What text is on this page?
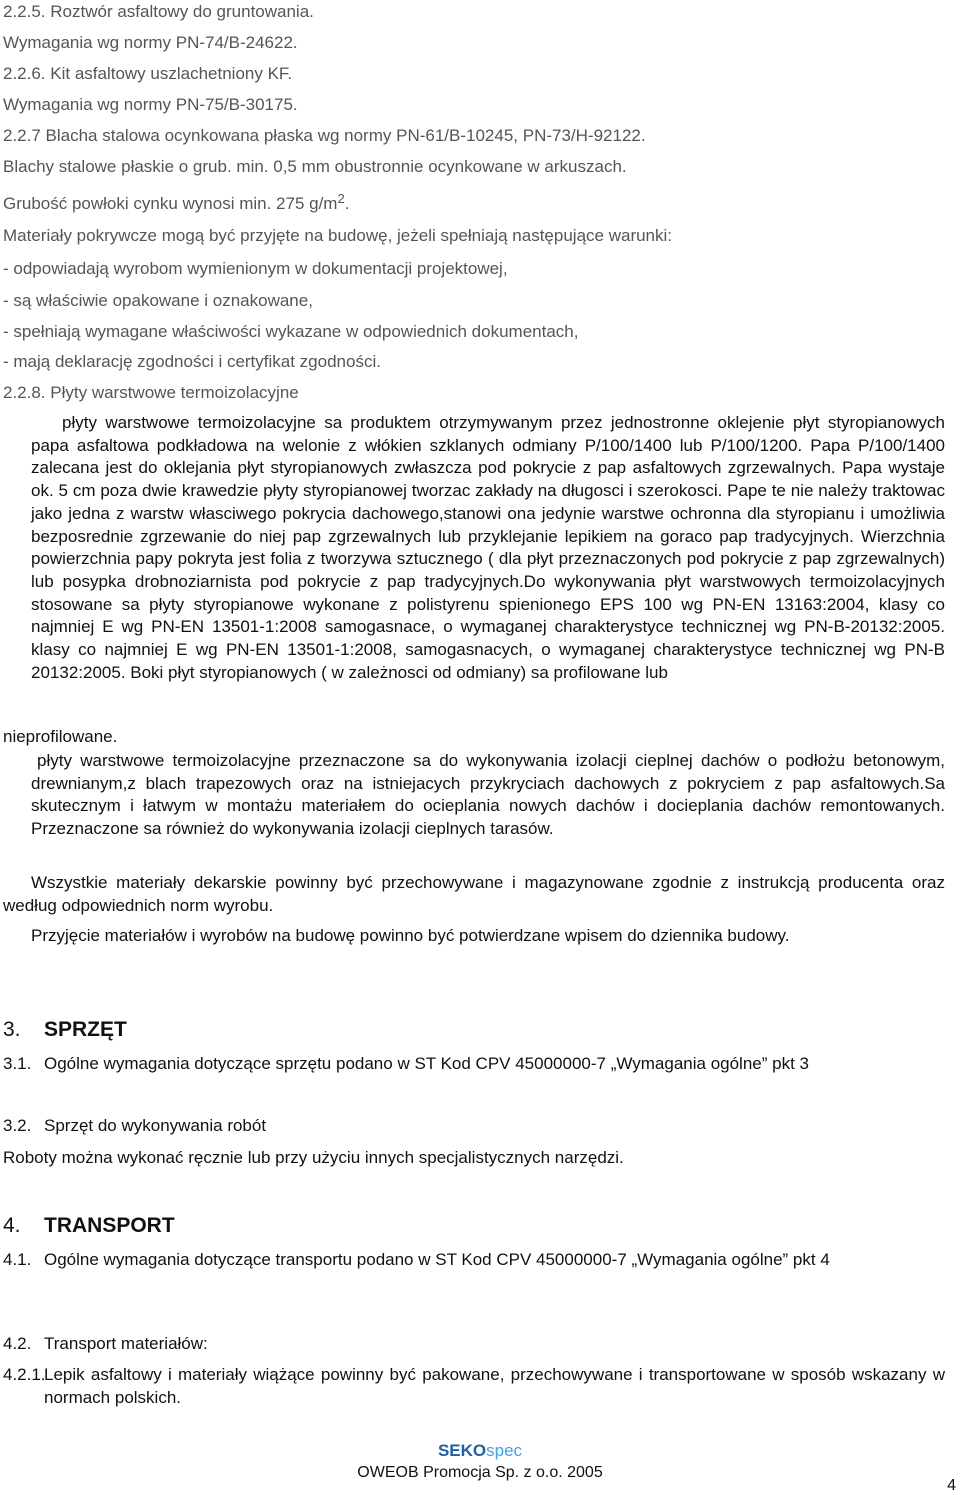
2.2.5. Roztwór asfaltowy do gruntowania.
Wymagania wg normy PN-74/B-24622.
2.2.6. Kit asfaltowy uszlachetniony KF.
Wymagania wg normy PN-75/B-30175.
2.2.7 Blacha stalowa ocynkowana płaska wg normy PN-61/B-10245, PN-73/H-92122.
Blachy stalowe płaskie o grub. min. 0,5 mm obustronnie ocynkowane w arkuszach.
Grubość powłoki cynku wynosi min. 275 $g/m^2$.
Materiały pokrywcze mogą być przyjęte na budowę, jeżeli spełniają następujące warunki:
- odpowiadają wyrobom wymienionym w dokumentacji projektowej,
- są właściwie opakowane i oznakowane,
- spełniają wymagane właściwości wykazane w odpowiednich dokumentach,
- mają deklarację zgodności i certyfikat zgodności.
2.2.8. Płyty warstwowe termoizolacyjne
płyty warstwowe termoizolacyjne sa produktem otrzymywanym przez jednostronne oklejenie płyt styropianowych papa asfaltowa podkładowa na welonie z włókien szklanych odmiany P/100/1400 lub P/100/1200. Papa P/100/1400 zalecana jest do oklejania płyt styropianowych zwłaszcza pod pokrycie z pap asfaltowych zgrzewalnych. Papa wystaje ok. 5 cm poza dwie krawedzie płyty styropianowej tworzac zakłady na długosci i szerokosci. Pape te nie należy traktowac jako jedna z warstw własciwego pokrycia dachowego,stanowi ona jedynie warstwe ochronna dla styropianu i umożliwia bezposrednie zgrzewanie do niej pap zgrzewalnych lub przyklejanie lepikiem na goraco pap tradycyjnych. Wierzchnia powierzchnia papy pokryta jest folia z tworzywa sztucznego ( dla płyt przeznaczonych pod pokrycie z pap zgrzewalnych) lub posypka drobnoziarnista pod pokrycie z pap tradycyjnych.Do wykonywania płyt warstwowych termoizolacyjnych stosowane sa płyty styropianowe wykonane z polistyrenu spienionego EPS 100 wg PN-EN 13163:2004, klasy co najmniej E wg PN-EN 13501-1:2008 samogasnace, o wymaganej charakterystyce technicznej wg PN-B-20132:2005. klasy co najmniej E wg PN-EN 13501-1:2008, samogasnacych, o wymaganej charakterystyce technicznej wg PN-B 20132:2005. Boki płyt styropianowych ( w zależnosci od odmiany) sa profilowane lub
nieprofilowane.
płyty warstwowe termoizolacyjne przeznaczone sa do wykonywania izolacji cieplnej dachów o podłożu betonowym, drewnianym,z blach trapezowych oraz na istniejacych przykryciach dachowych z pokryciem z pap asfaltowych.Sa skutecznym i łatwym w montażu materiałem do ocieplania nowych dachów i docieplania dachów remontowanych. Przeznaczone sa również do wykonywania izolacji cieplnych tarasów.
Wszystkie materiały dekarskie powinny być przechowywane i magazynowane zgodnie z instrukcją producenta oraz według odpowiednich norm wyrobu.
Przyjęcie materiałów i wyrobów na budowę powinno być potwierdzane wpisem do dziennika budowy.
3. SPRZĘT
3.1. Ogólne wymagania dotyczące sprzętu podano w ST Kod CPV 45000000-7 „Wymagania ogólne” pkt 3
3.2. Sprzęt do wykonywania robót
Roboty można wykonać ręcznie lub przy użyciu innych specjalistycznych narzędzi.
4. TRANSPORT
4.1. Ogólne wymagania dotyczące transportu podano w ST Kod CPV 45000000-7 „Wymagania ogólne” pkt 4
4.2. Transport materiałów:
4.2.1.
Lepik asfaltowy i materiały wiążące powinny być pakowane, przechowywane i transportowane w sposób wskazany w normach polskich.
SEKOspec
OWEOB Promocja Sp. z o.o. 2005
4
